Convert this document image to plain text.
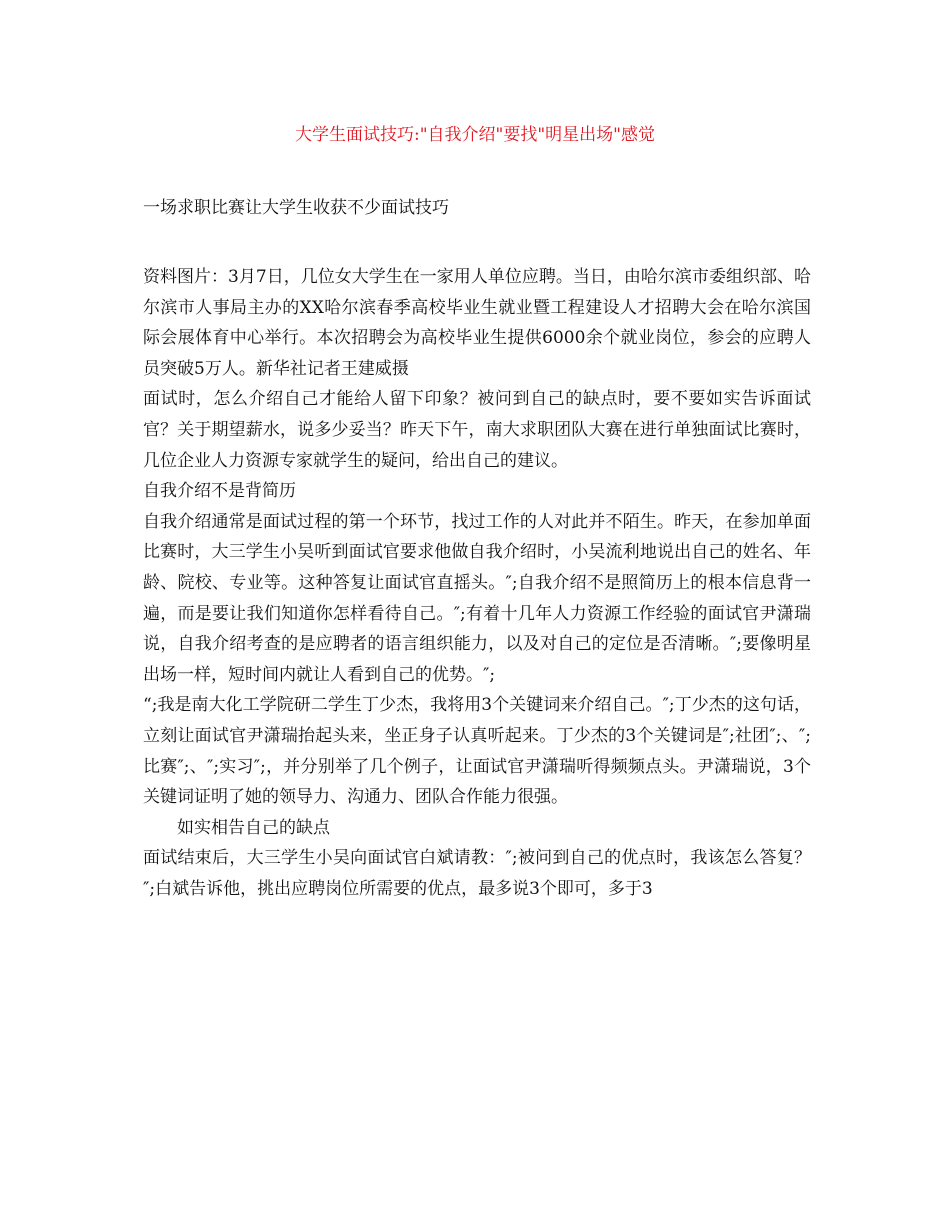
大学生面试技巧:"自我介绍"要找"明星出场"感觉
一场求职比赛让大学生收获不少面试技巧

资料图片：3月7日，几位女大学生在一家用人单位应聘。当日，由哈尔滨市委组织部、哈尔滨市人事局主办的XX哈尔滨春季高校毕业生就业暨工程建设人才招聘大会在哈尔滨国际会展体育中心举行。本次招聘会为高校毕业生提供6000余个就业岗位，参会的应聘人员突破5万人。新华社记者王建威摄

面试时，怎么介绍自己才能给人留下印象？被问到自己的缺点时，要不要如实告诉面试官？关于期望薪水，说多少妥当？昨天下午，南大求职团队大赛在进行单独面试比赛时，几位企业人力资源专家就学生的疑问，给出自己的建议。

自我介绍不是背简历

自我介绍通常是面试过程的第一个环节，找过工作的人对此并不陌生。昨天，在参加单面比赛时，大三学生小吴听到面试官要求他做自我介绍时，小吴流利地说出自己的姓名、年龄、院校、专业等。这种答复让面试官直摇头。″;自我介绍不是照简历上的根本信息背一遍，而是要让我们知道你怎样看待自己。″;有着十几年人力资源工作经验的面试官尹潇瑞说，自我介绍考查的是应聘者的语言组织能力，以及对自己的定位是否清晰。″;要像明星出场一样，短时间内就让人看到自己的优势。″;

“;我是南大化工学院研二学生丁少杰，我将用3个关键词来介绍自己。″;丁少杰的这句话，立刻让面试官尹潇瑞抬起头来，坐正身子认真听起来。丁少杰的3个关键词是″;社团″;、″;比赛″;、″;实习″;，并分别举了几个例子，让面试官尹潇瑞听得频频点头。尹潇瑞说，3个关键词证明了她的领导力、沟通力、团队合作能力很强。

如实相告自己的缺点

面试结束后，大三学生小吴向面试官白斌请教：″;被问到自己的优点时，我该怎么答复？″;白斌告诉他，挑出应聘岗位所需要的优点，最多说3个即可，多于3
